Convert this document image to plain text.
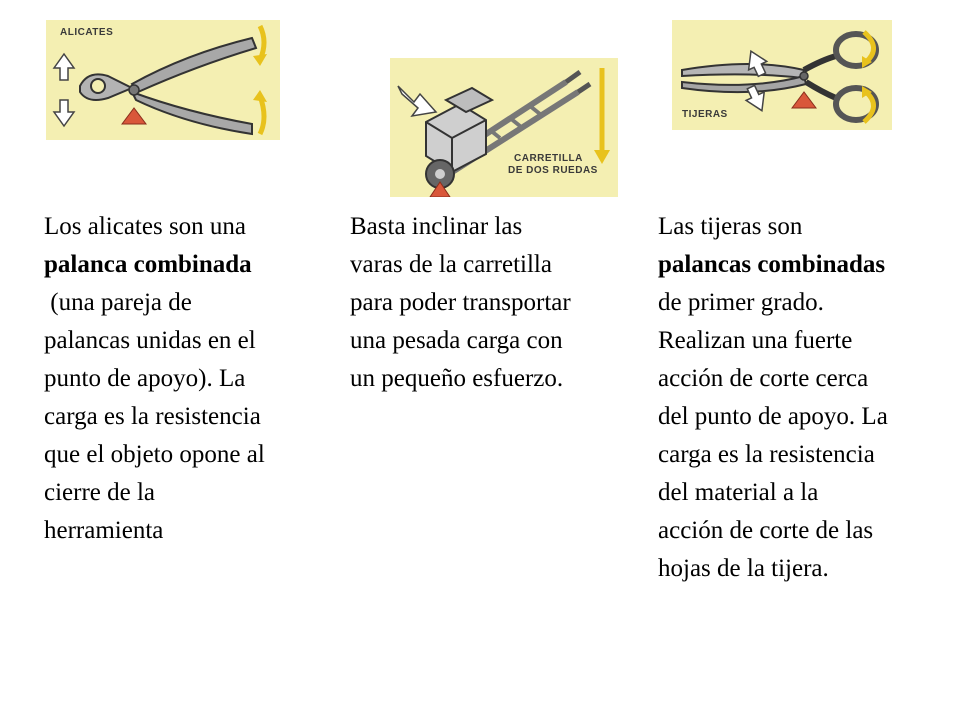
ALICATES
CARRETILLA
DE DOS RUEDAS
TIJERAS
Los alicates son una
palanca combinada
(una pareja de
palancas unidas en el
punto de apoyo). La
carga es la resistencia
que el objeto opone al
cierre de la
herramienta
Basta inclinar las
varas de la carretilla
para poder transportar
una pesada carga con
un pequeño esfuerzo.
Las tijeras son
palancas combinadas
de primer grado.
Realizan una fuerte
acción de corte cerca
del punto de apoyo. La
carga es la resistencia
del material a la
acción de corte de las
hojas de la tijera.
